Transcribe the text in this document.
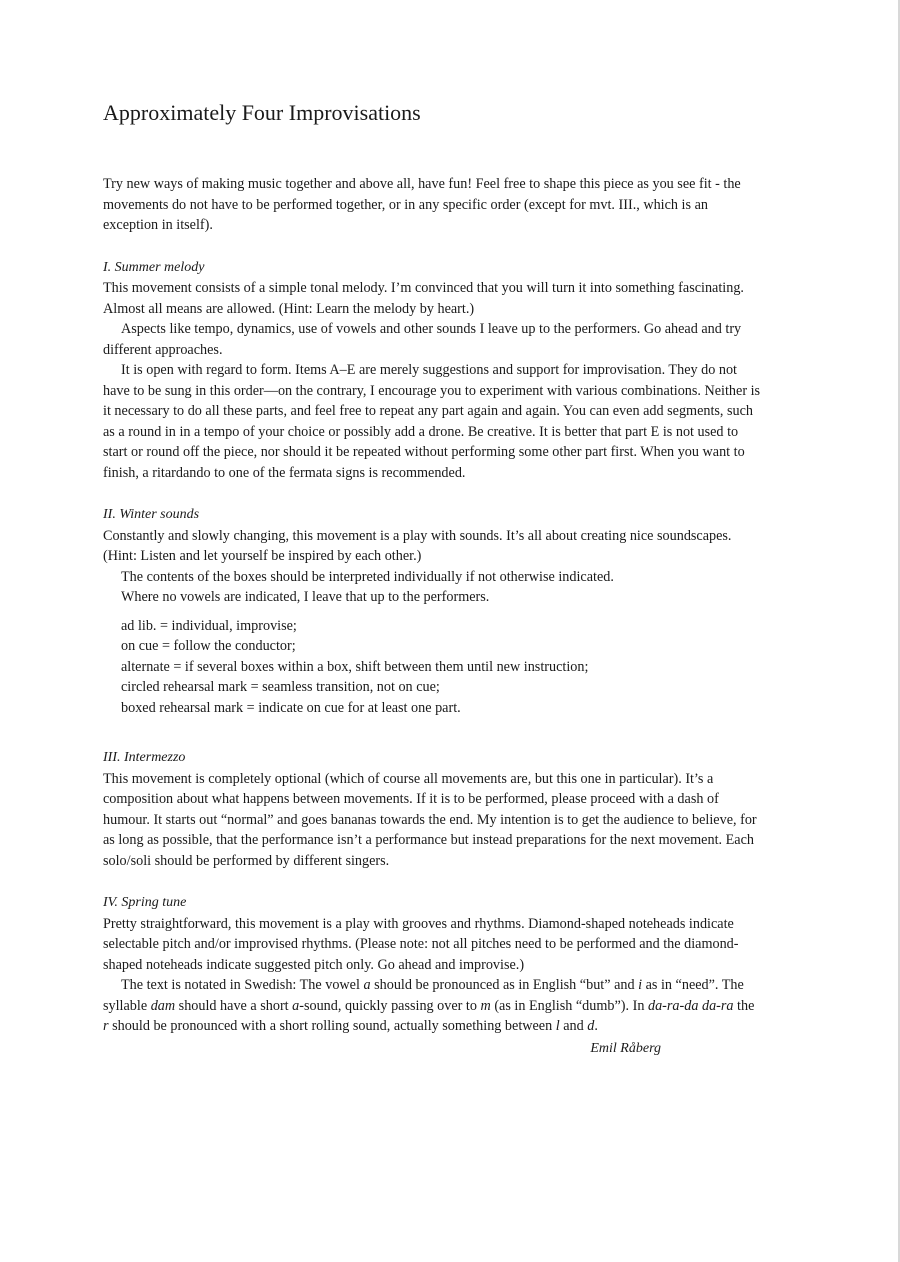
Approximately Four Improvisations

Try new ways of making music together and above all, have fun! Feel free to shape this piece as you see fit - the movements do not have to be performed together, or in any specific order (except for mvt. III., which is an exception in itself).

I. Summer melody

This movement consists of a simple tonal melody. I’m convinced that you will turn it into something fascinating. Almost all means are allowed. (Hint: Learn the melody by heart.)

Aspects like tempo, dynamics, use of vowels and other sounds I leave up to the performers. Go ahead and try different approaches.

It is open with regard to form. Items A–E are merely suggestions and support for improvisation. They do not have to be sung in this order—on the contrary, I encourage you to experiment with various combinations. Neither is it necessary to do all these parts, and feel free to repeat any part again and again. You can even add segments, such as a round in in a tempo of your choice or possibly add a drone. Be creative. It is better that part E is not used to start or round off the piece, nor should it be repeated without performing some other part first. When you want to finish, a ritardando to one of the fermata signs is recommended.

II. Winter sounds

Constantly and slowly changing, this movement is a play with sounds. It’s all about creating nice soundscapes. (Hint: Listen and let yourself be inspired by each other.)

The contents of the boxes should be interpreted individually if not otherwise indicated.

Where no vowels are indicated, I leave that up to the performers.

ad lib. = individual, improvise;

on cue = follow the conductor;

alternate = if several boxes within a box, shift between them until new instruction;

circled rehearsal mark = seamless transition, not on cue;

boxed rehearsal mark = indicate on cue for at least one part.

III. Intermezzo

This movement is completely optional (which of course all movements are, but this one in particular). It’s a composition about what happens between movements. If it is to be performed, please proceed with a dash of humour. It starts out “normal” and goes bananas towards the end. My intention is to get the audience to believe, for as long as possible, that the performance isn’t a performance but instead preparations for the next movement. Each solo/soli should be performed by different singers.

IV. Spring tune

Pretty straightforward, this movement is a play with grooves and rhythms. Diamond-shaped noteheads indicate selectable pitch and/or improvised rhythms. (Please note: not all pitches need to be performed and the diamond-shaped noteheads indicate suggested pitch only. Go ahead and improvise.)

The text is notated in Swedish: The vowel a should be pronounced as in English “but” and i as in “need”. The syllable dam should have a short a-sound, quickly passing over to m (as in English “dumb”). In da-ra-da da-ra the r should be pronounced with a short rolling sound, actually something between l and d.

Emil Råberg
